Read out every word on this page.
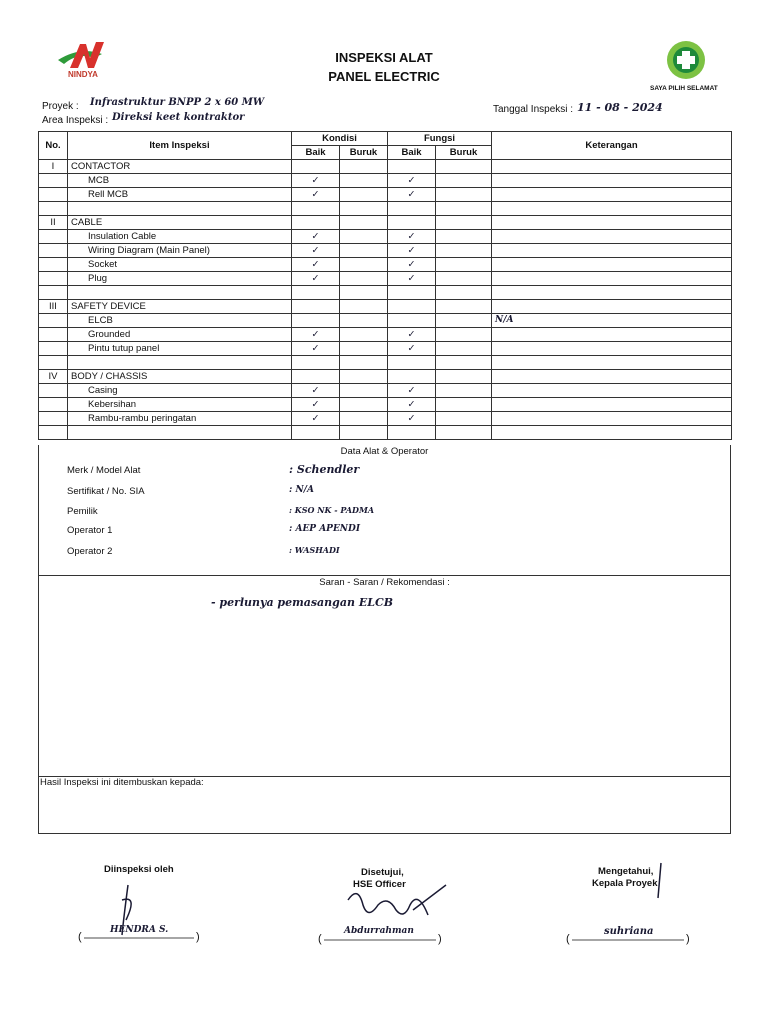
NINDYA
SAYA PILIH SELAMAT
INSPEKSI ALAT
PANEL ELECTRIC
Proyek : Infrastruktur BNPP 2 x 60 MW
Area Inspeksi : Direksi keet kontraktor
Tanggal Inspeksi : 11 - 08 - 2024
No.	Item Inspeksi	Kondisi		Fungsi		Keterangan
		Baik	Buruk	Baik	Buruk	
I	CONTACTOR					
	MCB	✓		✓		
	Rell MCB	✓		✓		

II	CABLE					
	Insulation Cable	✓		✓		
	Wiring Diagram (Main Panel)	✓		✓		
	Socket	✓		✓		
	Plug	✓		✓		

III	SAFETY DEVICE					
	ELCB					N/A
	Grounded	✓		✓		
	Pintu tutup panel	✓		✓		

IV	BODY / CHASSIS					
	Casing	✓		✓		
	Kebersihan	✓		✓		
	Rambu-rambu peringatan	✓		✓		

Data Alat & Operator
Merk / Model Alat	: Schendler
Sertifikat / No. SIA	: N/A
Pemilik	: KSO NK - PADMA
Operator 1	: AEP APENDI
Operator 2	: WASHADI
Saran - Saran / Rekomendasi :
- perlunya pemasangan ELCB
Hasil Inspeksi ini ditembuskan kepada:
Diinspeksi oleh
(	)
HENDRA S.
Disetujui,
HSE Officer
(	)
Abdurrahman
Mengetahui,
Kepala Proyek
(	)
suhriana
